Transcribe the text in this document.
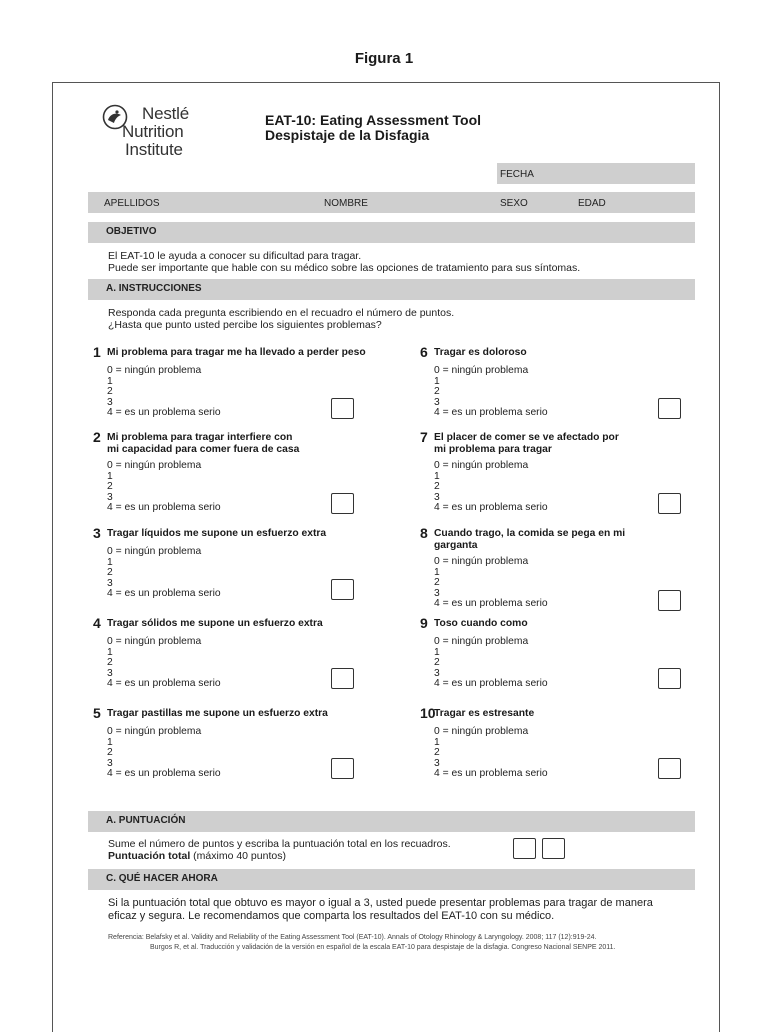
Figura 1
Nestlé
Nutrition
Institute
EAT-10: Eating Assessment Tool
Despistaje de la Disfagia
FECHA
APELLIDOS	NOMBRE	SEXO	EDAD
OBJETIVO
El EAT-10 le ayuda a conocer su dificultad para tragar.
Puede ser importante que hable con su médico sobre las opciones de tratamiento para sus síntomas.
A. INSTRUCCIONES
Responda cada pregunta escribiendo en el recuadro el número de puntos.
¿Hasta que punto usted percibe los siguientes problemas?
1 Mi problema para tragar me ha llevado a perder peso
0 = ningún problema
1
2
3
4 = es un problema serio
2 Mi problema para tragar interfiere con
mi capacidad para comer fuera de casa
0 = ningún problema
1
2
3
4 = es un problema serio
3 Tragar líquidos me supone un esfuerzo extra
0 = ningún problema
1
2
3
4 = es un problema serio
4 Tragar sólidos me supone un esfuerzo extra
0 = ningún problema
1
2
3
4 = es un problema serio
5 Tragar pastillas me supone un esfuerzo extra
0 = ningún problema
1
2
3
4 = es un problema serio
6 Tragar es doloroso
0 = ningún problema
1
2
3
4 = es un problema serio
7 El placer de comer se ve afectado por
mi problema para tragar
0 = ningún problema
1
2
3
4 = es un problema serio
8 Cuando trago, la comida se pega en mi
garganta
0 = ningún problema
1
2
3
4 = es un problema serio
9 Toso cuando como
0 = ningún problema
1
2
3
4 = es un problema serio
10
Tragar es estresante
0 = ningún problema
1
2
3
4 = es un problema serio
A. PUNTUACIÓN
Sume el número de puntos y escriba la puntuación total en los recuadros.
Puntuación total (máximo 40 puntos)
C. QUÉ HACER AHORA
Si la puntuación total que obtuvo es mayor o igual a 3, usted puede presentar problemas para tragar de manera
eficaz y segura. Le recomendamos que comparta los resultados del EAT-10 con su médico.
Referencia: Belafsky et al. Validity and Reliability of the Eating Assessment Tool (EAT-10). Annals of Otology Rhinology & Laryngology. 2008; 117 (12):919-24.
Burgos R, et al. Traducción y validación de la versión en español de la escala EAT-10 para despistaje de la disfagia. Congreso Nacional SENPE 2011.
